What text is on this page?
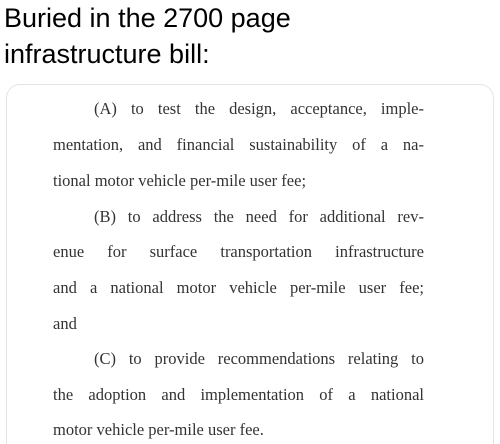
Buried in the 2700 page
infrastructure bill:
(A) to test the design, acceptance, imple-
mentation, and financial sustainability of a na-
tional motor vehicle per-mile user fee;
(B) to address the need for additional rev-
enue for surface transportation infrastructure
and a national motor vehicle per-mile user fee;
and
(C) to provide recommendations relating to
the adoption and implementation of a national
motor vehicle per-mile user fee.
